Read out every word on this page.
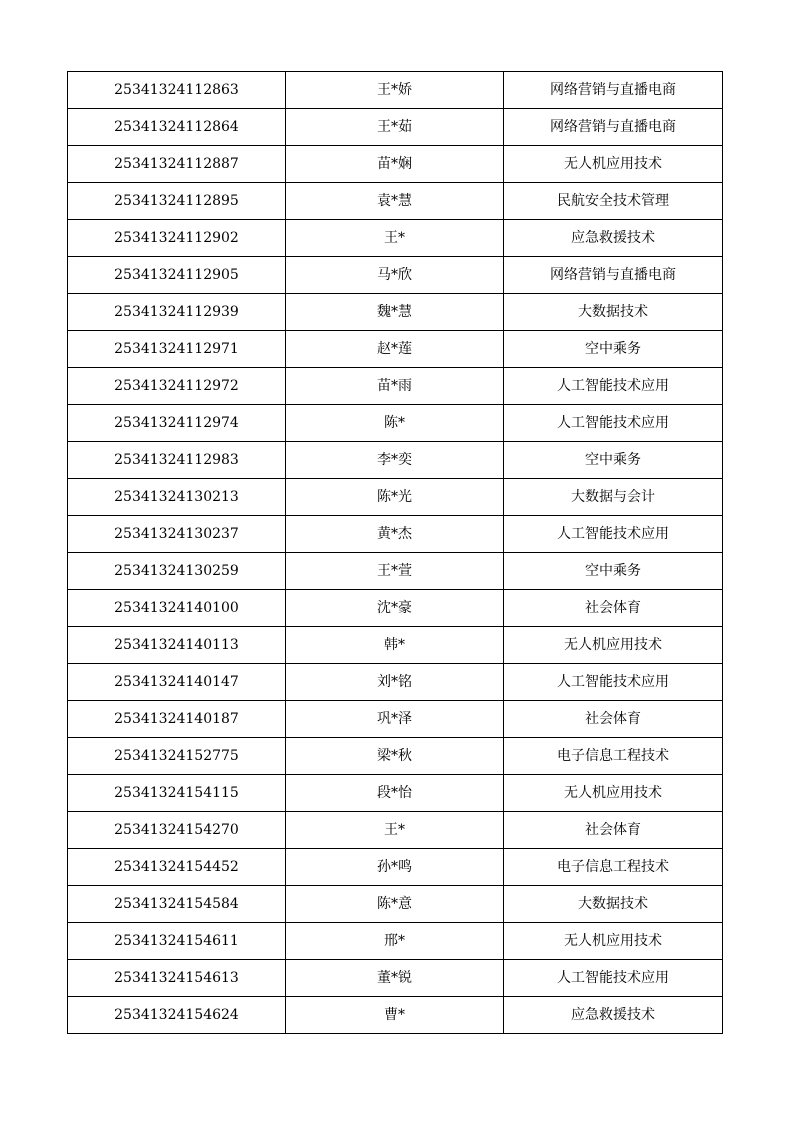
25341324112863	王*娇	网络营销与直播电商
25341324112864	王*茹	网络营销与直播电商
25341324112887	苗*娴	无人机应用技术
25341324112895	袁*慧	民航安全技术管理
25341324112902	王*	应急救援技术
25341324112905	马*欣	网络营销与直播电商
25341324112939	魏*慧	大数据技术
25341324112971	赵*莲	空中乘务
25341324112972	苗*雨	人工智能技术应用
25341324112974	陈*	人工智能技术应用
25341324112983	李*奕	空中乘务
25341324130213	陈*光	大数据与会计
25341324130237	黄*杰	人工智能技术应用
25341324130259	王*萱	空中乘务
25341324140100	沈*豪	社会体育
25341324140113	韩*	无人机应用技术
25341324140147	刘*铭	人工智能技术应用
25341324140187	巩*泽	社会体育
25341324152775	梁*秋	电子信息工程技术
25341324154115	段*怡	无人机应用技术
25341324154270	王*	社会体育
25341324154452	孙*鸣	电子信息工程技术
25341324154584	陈*意	大数据技术
25341324154611	邢*	无人机应用技术
25341324154613	董*锐	人工智能技术应用
25341324154624	曹*	应急救援技术
